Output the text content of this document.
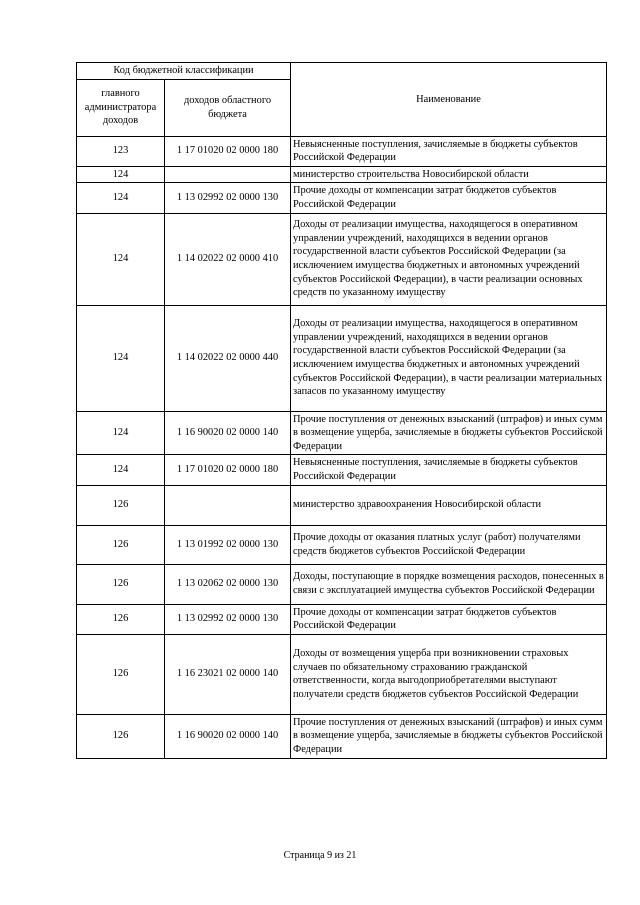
Код бюджетной классификации		Наименование
главного администратора доходов	доходов областного бюджета	
123	1 17 01020 02 0000 180	Невыясненные поступления, зачисляемые в бюджеты субъектов Российской Федерации
124		министерство строительства Новосибирской области
124	1 13 02992 02 0000 130	Прочие доходы от компенсации затрат бюджетов субъектов Российской Федерации
124	1 14 02022 02 0000 410	Доходы от реализации имущества, находящегося в оперативном управлении учреждений, находящихся в ведении органов государственной власти субъектов Российской Федерации (за исключением имущества бюджетных и автономных учреждений субъектов Российской Федерации), в части реализации основных средств по указанному имуществу
124	1 14 02022 02 0000 440	Доходы от реализации имущества, находящегося в оперативном управлении учреждений, находящихся в ведении органов государственной власти субъектов Российской Федерации (за исключением имущества бюджетных и автономных учреждений субъектов Российской Федерации), в части реализации материальных запасов по указанному имуществу
124	1 16 90020 02 0000 140	Прочие поступления от денежных взысканий (штрафов) и иных сумм в возмещение ущерба, зачисляемые в бюджеты субъектов Российской Федерации
124	1 17 01020 02 0000 180	Невыясненные поступления, зачисляемые в бюджеты субъектов Российской Федерации
126		министерство здравоохранения Новосибирской области
126	1 13 01992 02 0000 130	Прочие доходы от оказания платных услуг (работ) получателями средств бюджетов субъектов Российской Федерации
126	1 13 02062 02 0000 130	Доходы, поступающие в порядке возмещения расходов, понесенных в связи с эксплуатацией имущества субъектов Российской Федерации
126	1 13 02992 02 0000 130	Прочие доходы от компенсации затрат бюджетов субъектов Российской Федерации
126	1 16 23021 02 0000 140	Доходы от возмещения ущерба при возникновении страховых случаев по обязательному страхованию гражданской ответственности, когда выгодоприобретателями выступают получатели средств бюджетов субъектов Российской Федерации
126	1 16 90020 02 0000 140	Прочие поступления от денежных взысканий (штрафов) и иных сумм в возмещение ущерба, зачисляемые в бюджеты субъектов Российской Федерации
Страница 9 из 21
